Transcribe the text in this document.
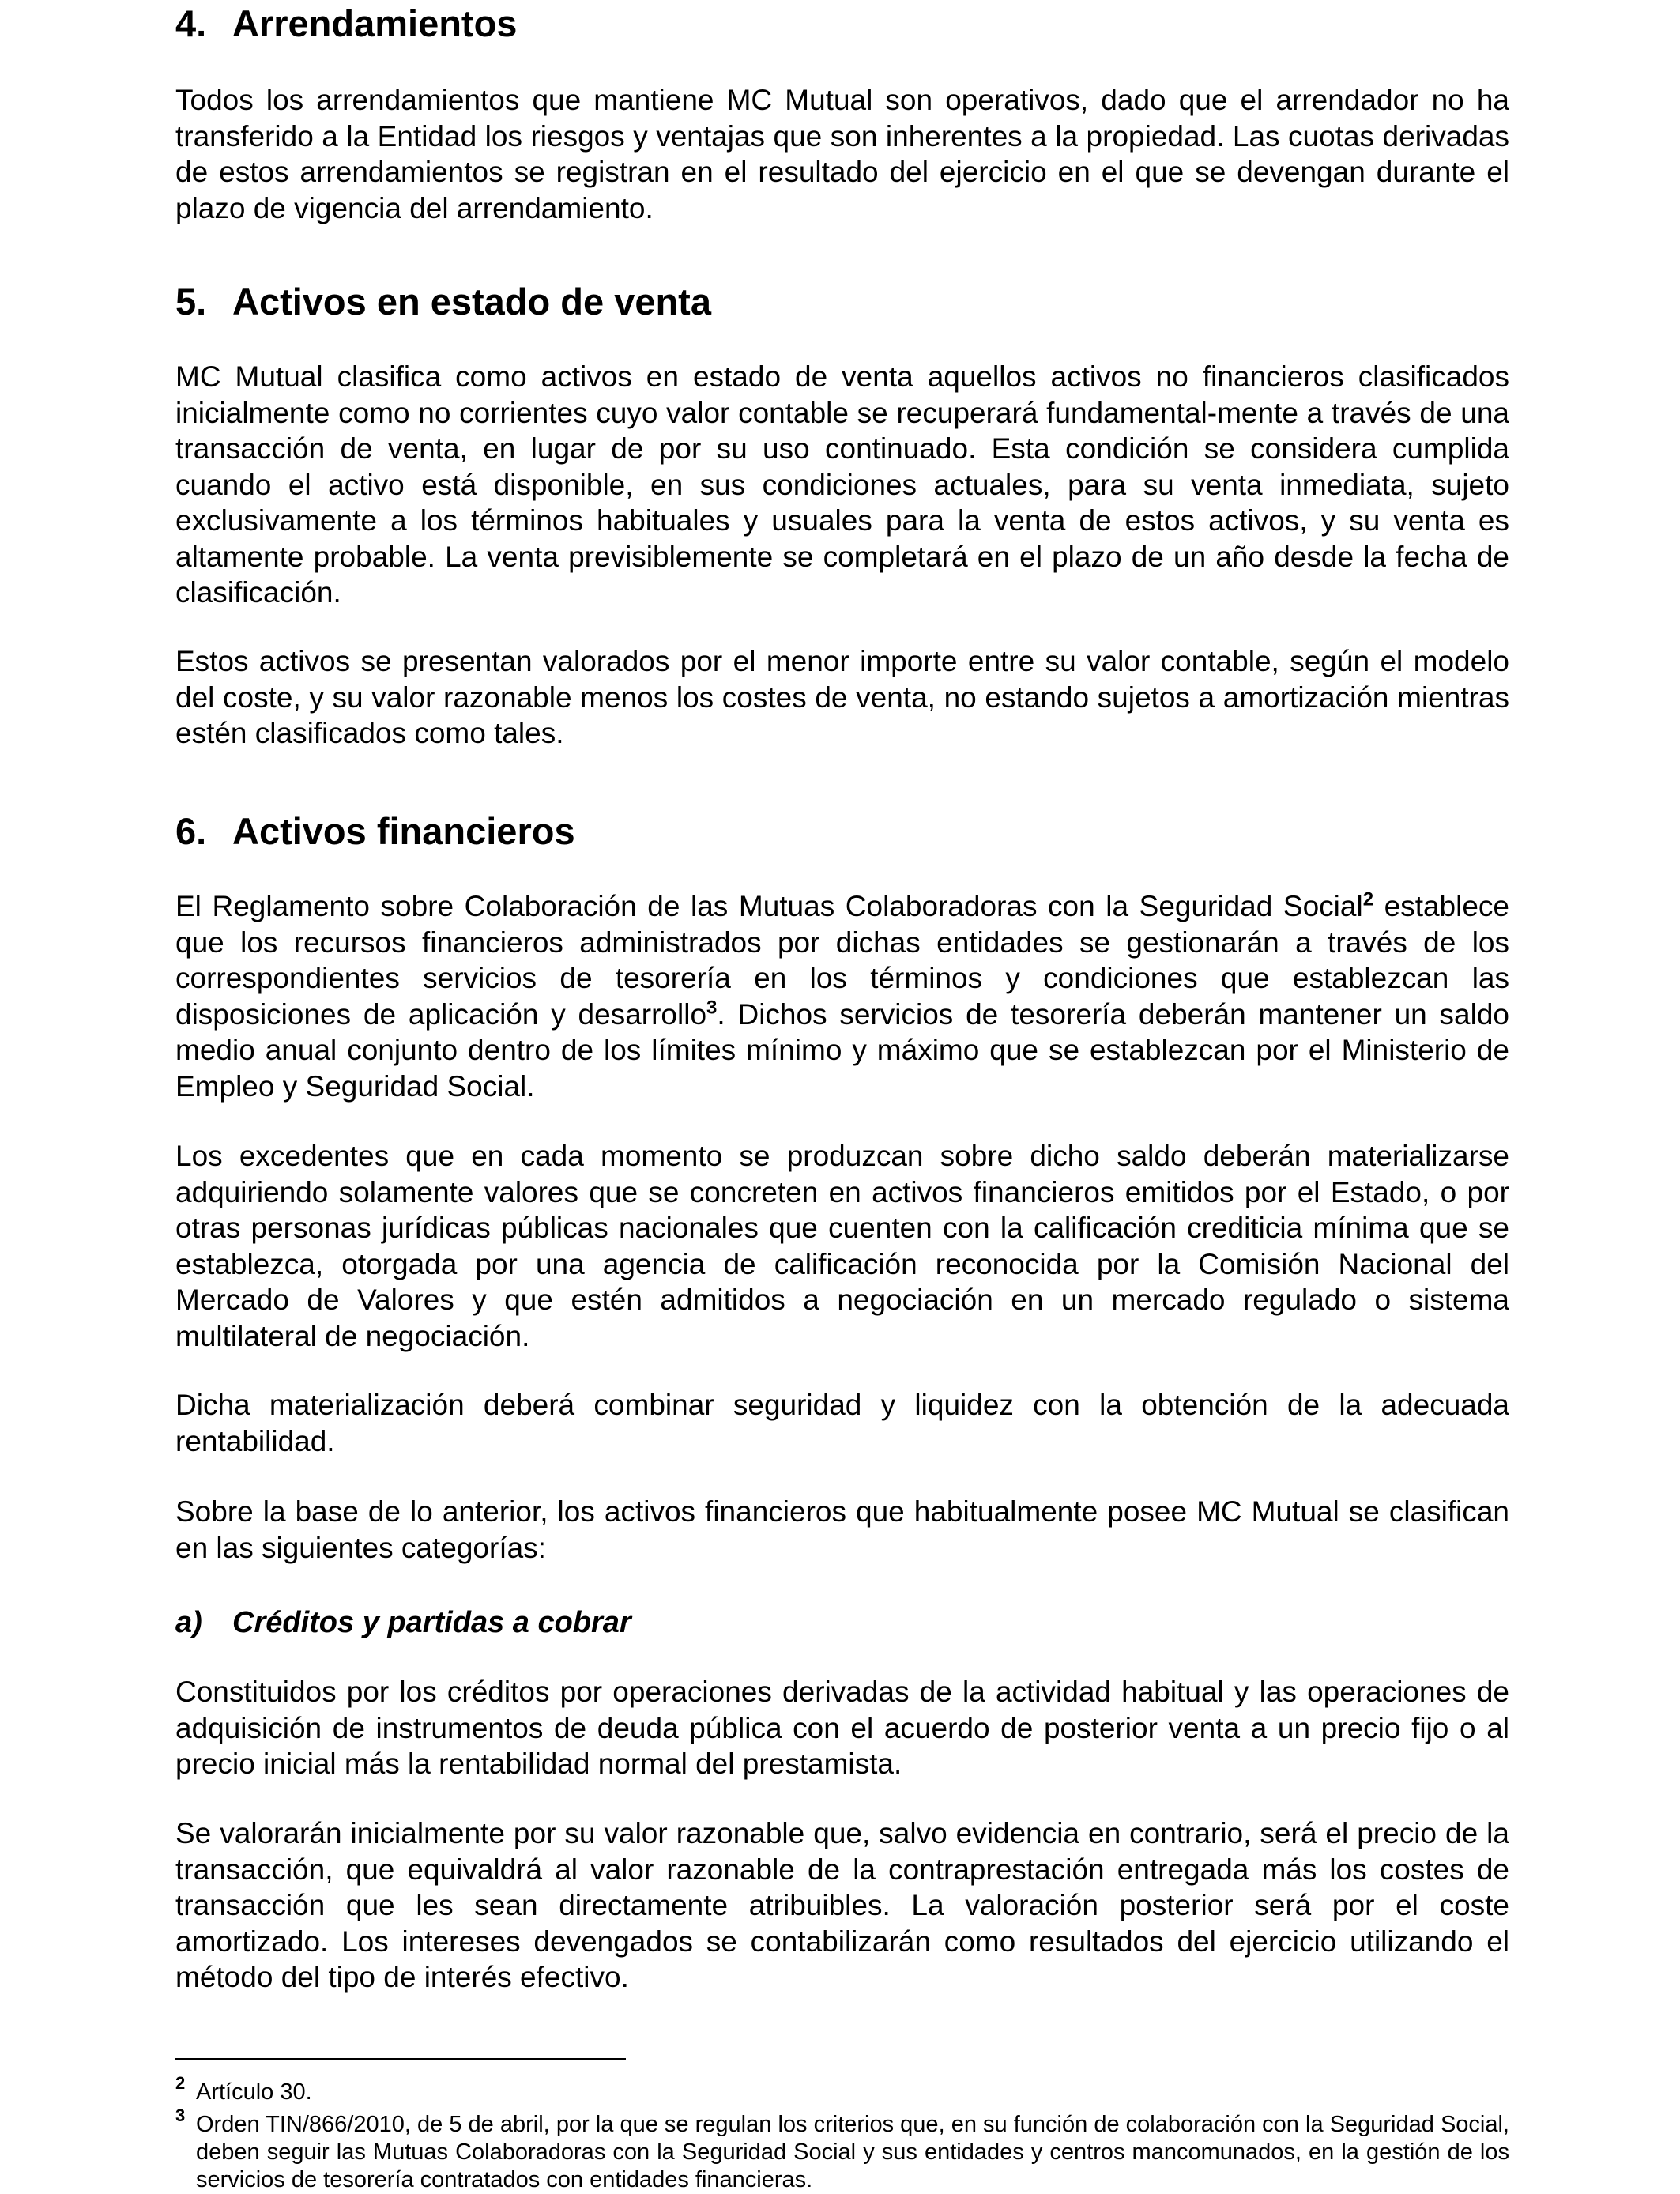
4. Arrendamientos

Todos los arrendamientos que mantiene MC Mutual son operativos, dado que el arrendador no ha transferido a la Entidad los riesgos y ventajas que son inherentes a la propiedad. Las cuotas derivadas de estos arrendamientos se registran en el resultado del ejercicio en el que se devengan durante el plazo de vigencia del arrendamiento.

5. Activos en estado de venta

MC Mutual clasifica como activos en estado de venta aquellos activos no financieros clasificados inicialmente como no corrientes cuyo valor contable se recuperará fundamental-mente a través de una transacción de venta, en lugar de por su uso continuado. Esta condición se considera cumplida cuando el activo está disponible, en sus condiciones actuales, para su venta inmediata, sujeto exclusivamente a los términos habituales y usuales para la venta de estos activos, y su venta es altamente probable. La venta previsiblemente se completará en el plazo de un año desde la fecha de clasificación.

Estos activos se presentan valorados por el menor importe entre su valor contable, según el modelo del coste, y su valor razonable menos los costes de venta, no estando sujetos a amortización mientras estén clasificados como tales.

6. Activos financieros

El Reglamento sobre Colaboración de las Mutuas Colaboradoras con la Seguridad Social$^2$ establece que los recursos financieros administrados por dichas entidades se gestionarán a través de los correspondientes servicios de tesorería en los términos y condiciones que establezcan las disposiciones de aplicación y desarrollo$^3$. Dichos servicios de tesorería deberán mantener un saldo medio anual conjunto dentro de los límites mínimo y máximo que se establezcan por el Ministerio de Empleo y Seguridad Social.

Los excedentes que en cada momento se produzcan sobre dicho saldo deberán materializarse adquiriendo solamente valores que se concreten en activos financieros emitidos por el Estado, o por otras personas jurídicas públicas nacionales que cuenten con la calificación crediticia mínima que se establezca, otorgada por una agencia de calificación reconocida por la Comisión Nacional del Mercado de Valores y que estén admitidos a negociación en un mercado regulado o sistema multilateral de negociación.

Dicha materialización deberá combinar seguridad y liquidez con la obtención de la adecuada rentabilidad.

Sobre la base de lo anterior, los activos financieros que habitualmente posee MC Mutual se clasifican en las siguientes categorías:

a) Créditos y partidas a cobrar

Constituidos por los créditos por operaciones derivadas de la actividad habitual y las operaciones de adquisición de instrumentos de deuda pública con el acuerdo de posterior venta a un precio fijo o al precio inicial más la rentabilidad normal del prestamista.

Se valorarán inicialmente por su valor razonable que, salvo evidencia en contrario, será el precio de la transacción, que equivaldrá al valor razonable de la contraprestación entregada más los costes de transacción que les sean directamente atribuibles. La valoración posterior será por el coste amortizado. Los intereses devengados se contabilizarán como resultados del ejercicio utilizando el método del tipo de interés efectivo.

2 Artículo 30.
3 Orden TIN/866/2010, de 5 de abril, por la que se regulan los criterios que, en su función de colaboración con la Seguridad Social, deben seguir las Mutuas Colaboradoras con la Seguridad Social y sus entidades y centros mancomunados, en la gestión de los servicios de tesorería contratados con entidades financieras.
